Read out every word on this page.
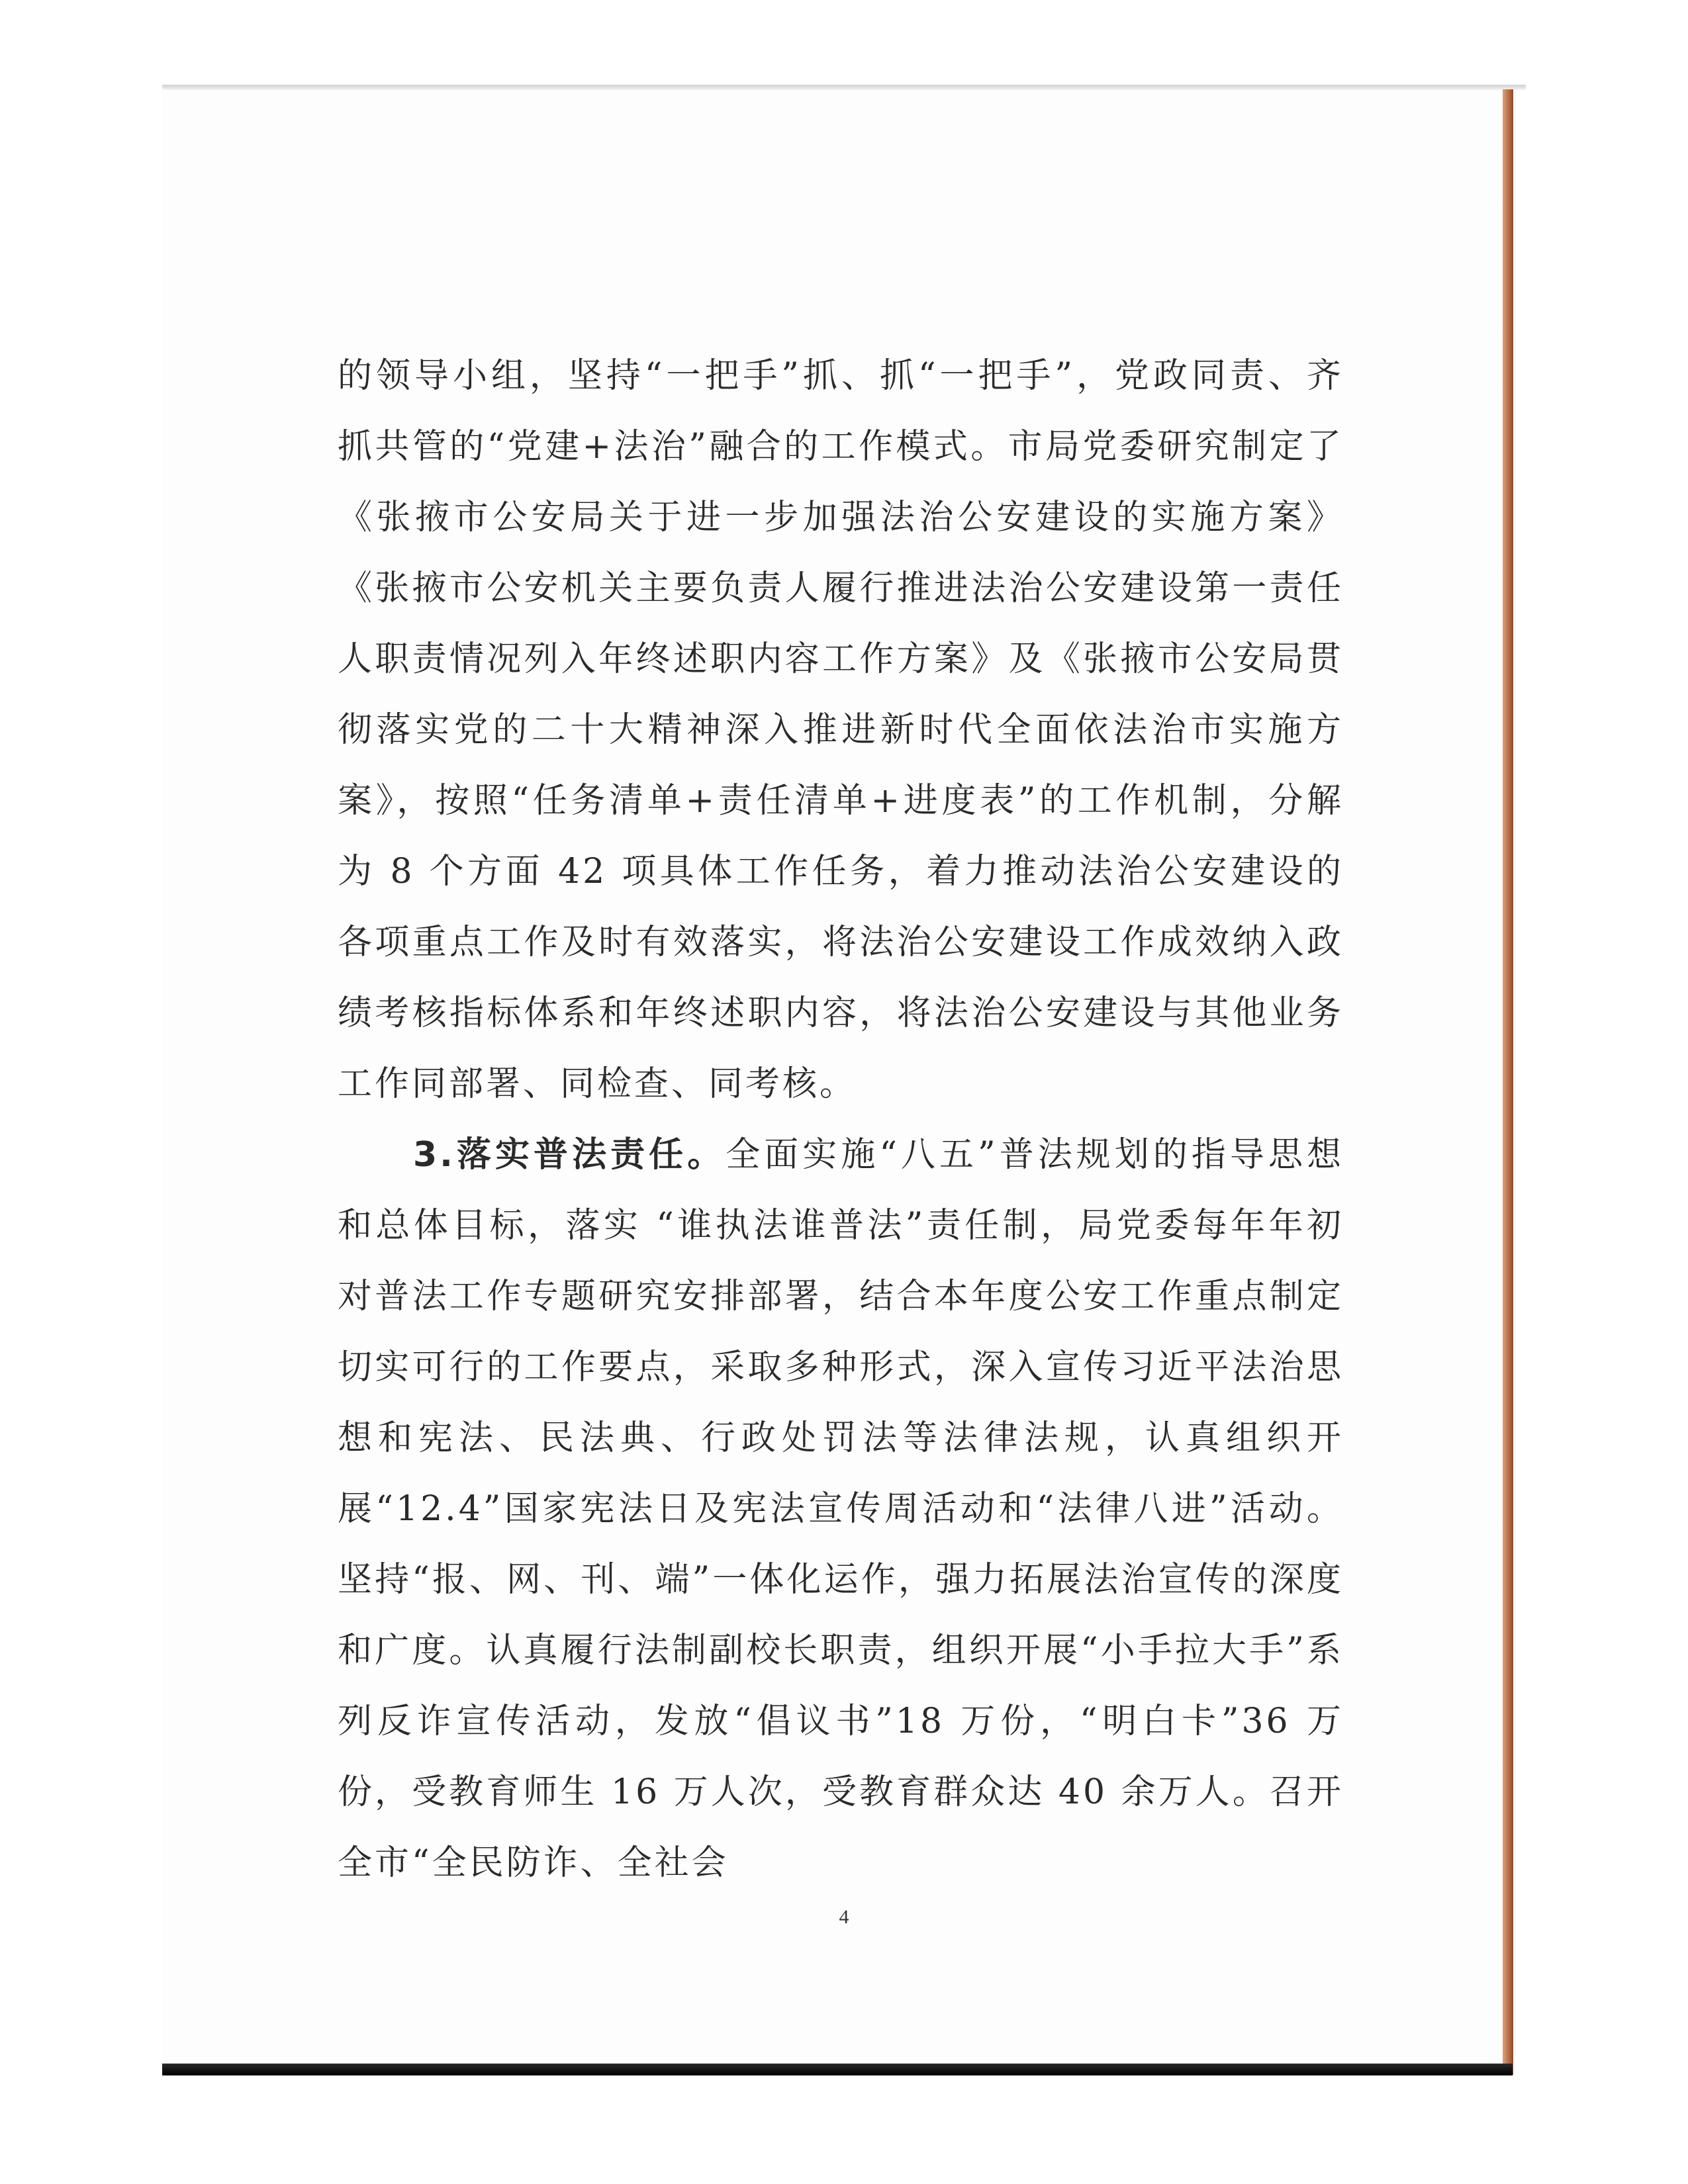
的领导小组，坚持“一把手”抓、抓“一把手”，党政同责、齐抓共管的“党建+法治”融合的工作模式。市局党委研究制定了《张掖市公安局关于进一步加强法治公安建设的实施方案》《张掖市公安机关主要负责人履行推进法治公安建设第一责任人职责情况列入年终述职内容工作方案》及《张掖市公安局贯彻落实党的二十大精神深入推进新时代全面依法治市实施方案》，按照“任务清单+责任清单+进度表”的工作机制，分解为 8 个方面 42 项具体工作任务，着力推动法治公安建设的各项重点工作及时有效落实，将法治公安建设工作成效纳入政绩考核指标体系和年终述职内容，将法治公安建设与其他业务工作同部署、同检查、同考核。

3.落实普法责任。全面实施“八五”普法规划的指导思想和总体目标，落实 “谁执法谁普法”责任制，局党委每年年初对普法工作专题研究安排部署，结合本年度公安工作重点制定切实可行的工作要点，采取多种形式，深入宣传习近平法治思想和宪法、民法典、行政处罚法等法律法规，认真组织开展“12.4”国家宪法日及宪法宣传周活动和“法律八进”活动。坚持“报、网、刊、端”一体化运作，强力拓展法治宣传的深度和广度。认真履行法制副校长职责，组织开展“小手拉大手”系列反诈宣传活动，发放“倡议书”18 万份，“明白卡”36 万份，受教育师生 16 万人次，受教育群众达 40 余万人。召开全市“全民防诈、全社会

4
